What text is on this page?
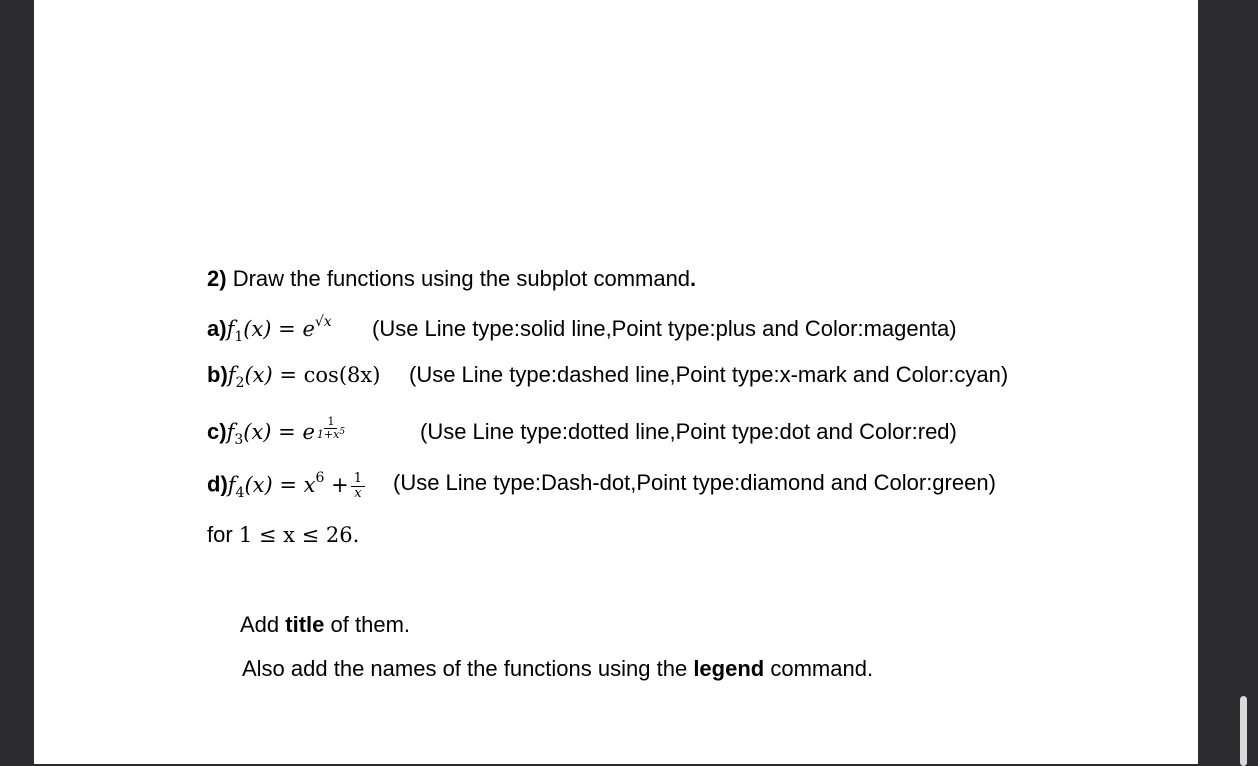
2) Draw the functions using the subplot command.
$a)f_1(x) = e^{√x}$ (Use Line type:solid line,Point type:plus and Color:magenta)
$b)f_2(x) = \cos(8x)$ (Use Line type:dashed line,Point type:x-mark and Color:cyan)
$c)f_3(x) = e \frac{1}{1+x^5}$	(Use Line type:dotted line,Point type:dot and Color:red)
$d)f_4(x) = x^6 + \frac{1}{x} (Use$ Line type:Dash-dot,Point type:diamond and Color:green)
for 1 ≤ x ≤ 26.
Add title of them.
Also add the names of the functions using the legend command.
